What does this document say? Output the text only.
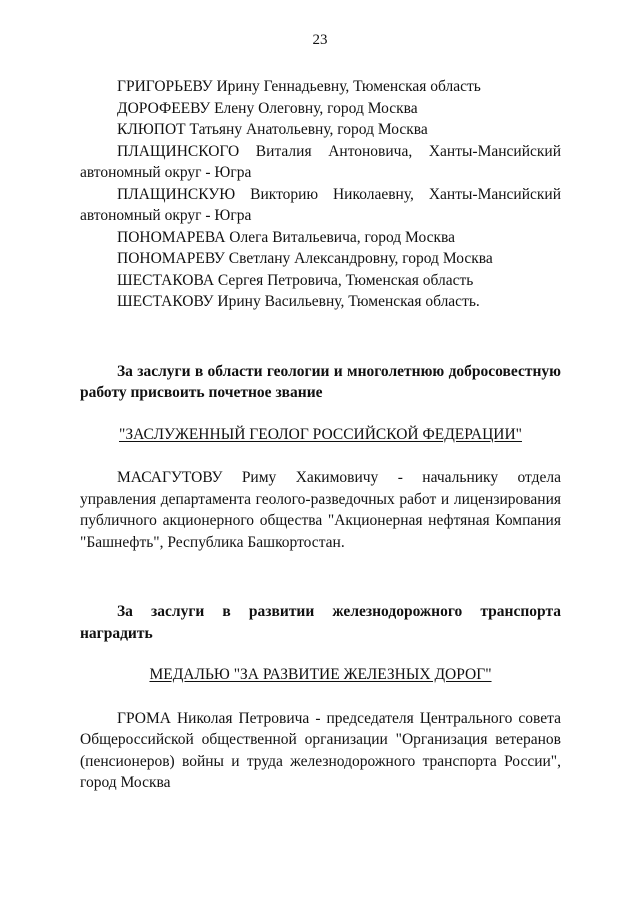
23
ГРИГОРЬЕВУ Ирину Геннадьевну, Тюменская область
ДОРОФЕЕВУ Елену Олеговну, город Москва
КЛЮПОТ Татьяну Анатольевну, город Москва

ПЛАЩИНСКОГО Виталия Антоновича, Ханты-Мансийский автономный округ - Югра

ПЛАЩИНСКУЮ Викторию Николаевну, Ханты-Мансийский автономный округ - Югра

ПОНОМАРЕВА Олега Витальевича, город Москва
ПОНОМАРЕВУ Светлану Александровну, город Москва
ШЕСТАКОВА Сергея Петровича, Тюменская область
ШЕСТАКОВУ Ирину Васильевну, Тюменская область.

За заслуги в области геологии и многолетнюю добросовестную работу присвоить почетное звание

"ЗАСЛУЖЕННЫЙ ГЕОЛОГ РОССИЙСКОЙ ФЕДЕРАЦИИ"

МАСАГУТОВУ Риму Хакимовичу - начальнику отдела управления департамента геолого-разведочных работ и лицензирования публичного акционерного общества "Акционерная нефтяная Компания "Башнефть", Республика Башкортостан.

За заслуги в развитии железнодорожного транспорта наградить

МЕДАЛЬЮ "ЗА РАЗВИТИЕ ЖЕЛЕЗНЫХ ДОРОГ"

ГРОМА Николая Петровича - председателя Центрального совета Общероссийской общественной организации "Организация ветеранов (пенсионеров) войны и труда железнодорожного транспорта России", город Москва
